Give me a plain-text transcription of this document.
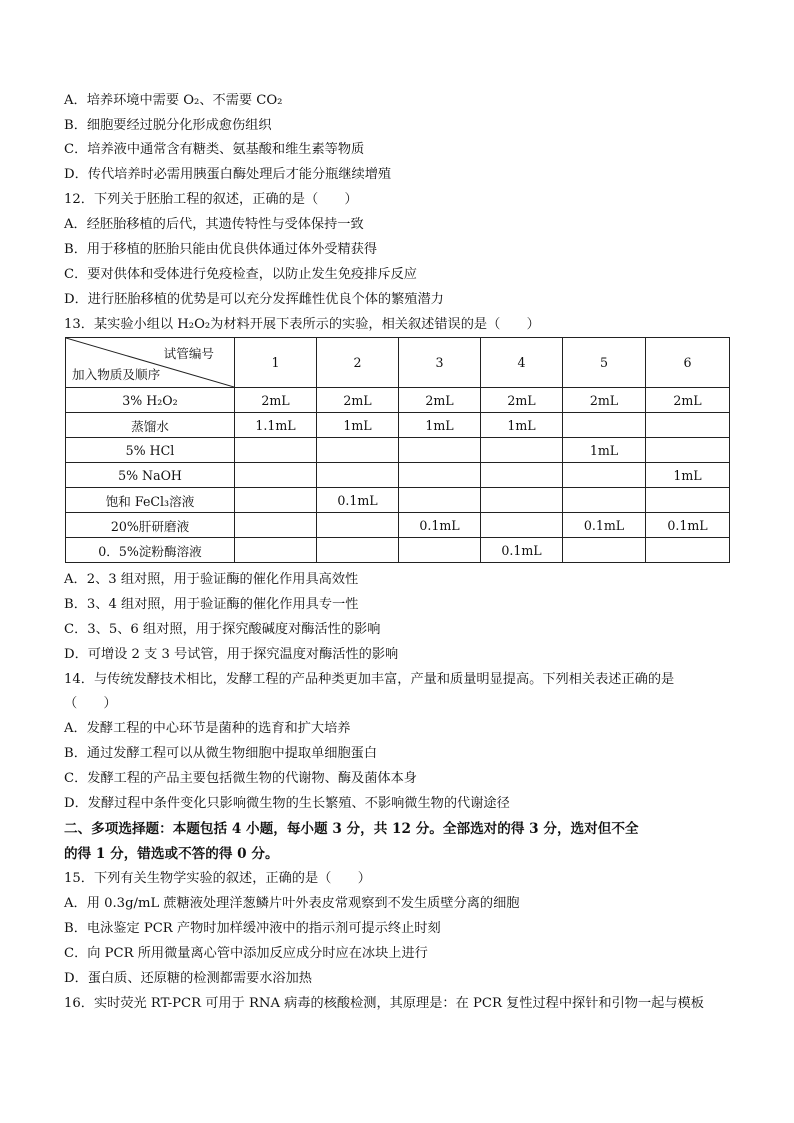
A．培养环境中需要 O₂、不需要 CO₂
B．细胞要经过脱分化形成愈伤组织
C．培养液中通常含有糖类、氨基酸和维生素等物质
D．传代培养时必需用胰蛋白酶处理后才能分瓶继续增殖
12．下列关于胚胎工程的叙述，正确的是（　　）
A．经胚胎移植的后代，其遗传特性与受体保持一致
B．用于移植的胚胎只能由优良供体通过体外受精获得
C．要对供体和受体进行免疫检查，以防止发生免疫排斥反应
D．进行胚胎移植的优势是可以充分发挥雌性优良个体的繁殖潜力
13．某实验小组以 H₂O₂为材料开展下表所示的实验，相关叙述错误的是（　　）
试管编号
加入物质及顺序	1	2	3	4	5	6
3% H₂O₂	2mL	2mL	2mL	2mL	2mL	2mL
蒸馏水	1.1mL	1mL	1mL	1mL		
5% HCl					1mL	
5% NaOH						1mL
饱和 FeCl₃溶液		0.1mL				
20%肝研磨液			0.1mL		0.1mL	0.1mL
0．5%淀粉酶溶液				0.1mL		
A．2、3 组对照，用于验证酶的催化作用具高效性
B．3、4 组对照，用于验证酶的催化作用具专一性
C．3、5、6 组对照，用于探究酸碱度对酶活性的影响
D．可增设 2 支 3 号试管，用于探究温度对酶活性的影响
14．与传统发酵技术相比，发酵工程的产品种类更加丰富，产量和质量明显提高。下列相关表述正确的是
（　　）
A．发酵工程的中心环节是菌种的选育和扩大培养
B．通过发酵工程可以从微生物细胞中提取单细胞蛋白
C．发酵工程的产品主要包括微生物的代谢物、酶及菌体本身
D．发酵过程中条件变化只影响微生物的生长繁殖、不影响微生物的代谢途径
二、多项选择题：本题包括 4 小题，每小题 3 分，共 12 分。全部选对的得 3 分，选对但不全
的得 1 分，错选或不答的得 0 分。
15．下列有关生物学实验的叙述，正确的是（　　）
A．用 0.3g/mL 蔗糖液处理洋葱鳞片叶外表皮常观察到不发生质壁分离的细胞
B．电泳鉴定 PCR 产物时加样缓冲液中的指示剂可提示终止时刻
C．向 PCR 所用微量离心管中添加反应成分时应在冰块上进行
D．蛋白质、还原糖的检测都需要水浴加热
16．实时荧光 RT-PCR 可用于 RNA 病毒的核酸检测，其原理是：在 PCR 复性过程中探针和引物一起与模板
